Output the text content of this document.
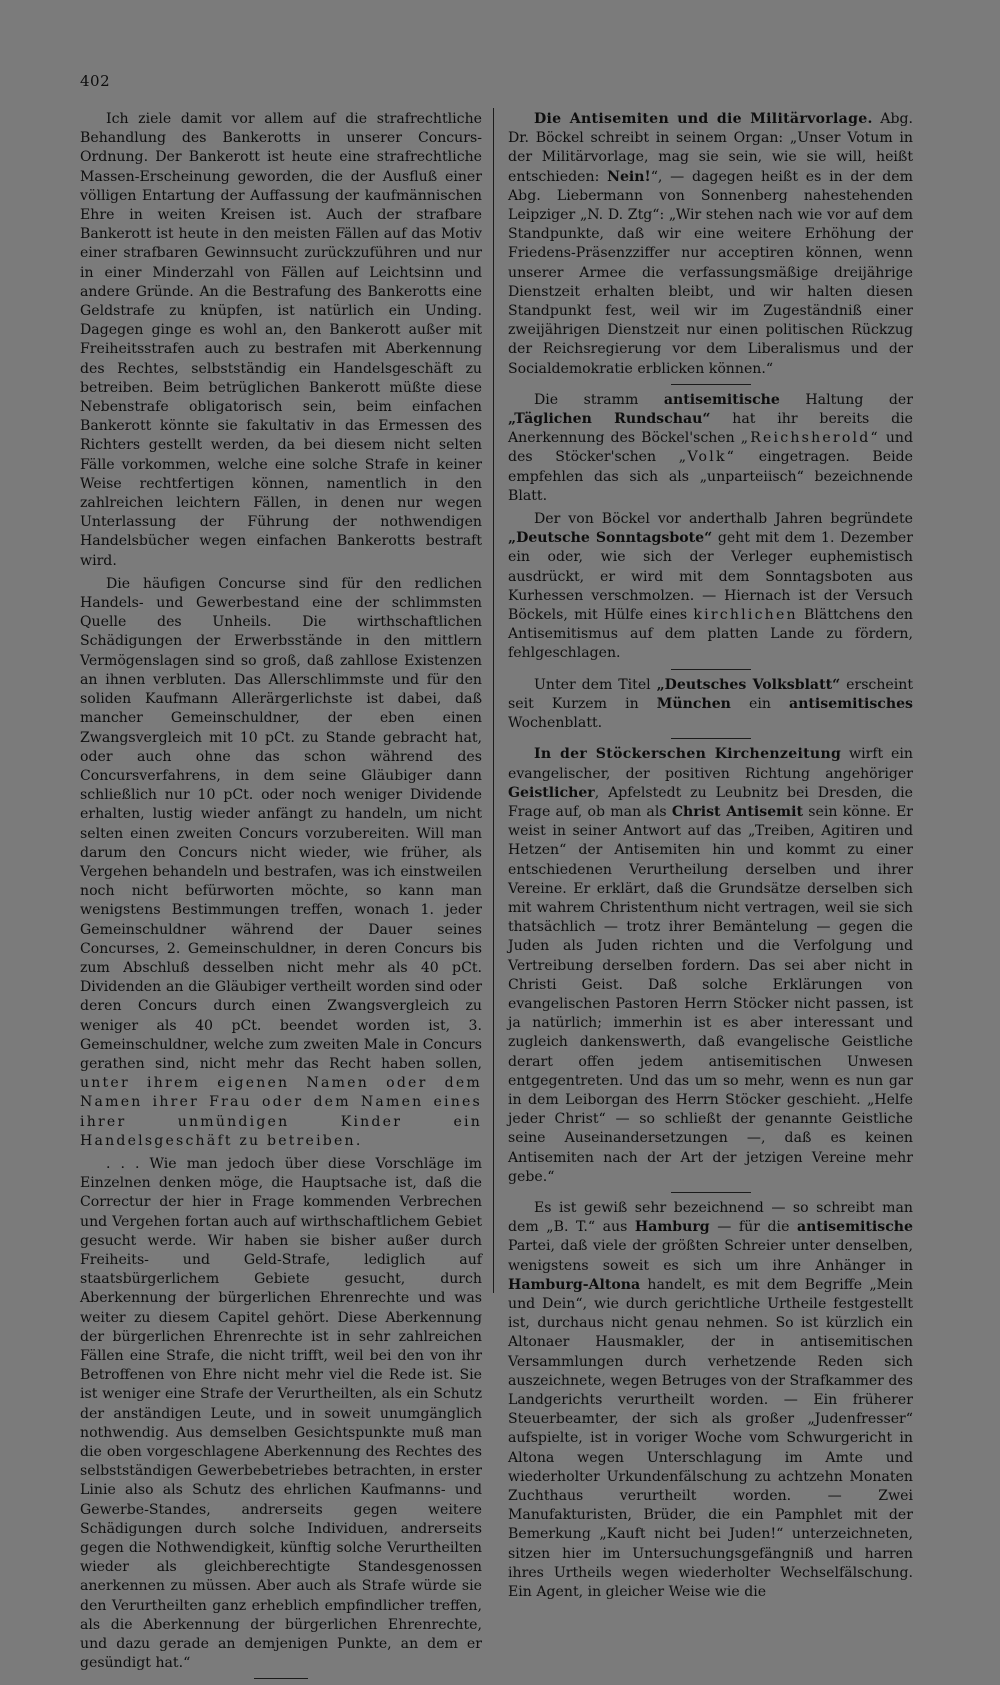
402

Ich ziele damit vor allem auf die strafrechtliche Behandlung des Bankerotts in unserer Concurs-Ordnung. Der Bankerott ist heute eine strafrechtliche Massen-Erscheinung geworden, die der Ausfluß einer völligen Entartung der Auffassung der kaufmännischen Ehre in weiten Kreisen ist. Auch der strafbare Bankerott ist heute in den meisten Fällen auf das Motiv einer strafbaren Gewinnsucht zurückzuführen und nur in einer Minderzahl von Fällen auf Leichtsinn und andere Gründe. An die Bestrafung des Bankerotts eine Geldstrafe zu knüpfen, ist natürlich ein Unding. Dagegen ginge es wohl an, den Bankerott außer mit Freiheitsstrafen auch zu bestrafen mit Aberkennung des Rechtes, selbstständig ein Handelsgeschäft zu betreiben. Beim betrüglichen Bankerott müßte diese Nebenstrafe obligatorisch sein, beim einfachen Bankerott könnte sie fakultativ in das Ermessen des Richters gestellt werden, da bei diesem nicht selten Fälle vorkommen, welche eine solche Strafe in keiner Weise rechtfertigen können, namentlich in den zahlreichen leichtern Fällen, in denen nur wegen Unterlassung der Führung der nothwendigen Handelsbücher wegen einfachen Bankerotts bestraft wird.

Die häufigen Concurse sind für den redlichen Handels- und Gewerbestand eine der schlimmsten Quelle des Unheils. Die wirthschaftlichen Schädigungen der Erwerbsstände in den mittlern Vermögenslagen sind so groß, daß zahllose Existenzen an ihnen verbluten. Das Allerschlimmste und für den soliden Kaufmann Allerärgerlichste ist dabei, daß mancher Gemeinschuldner, der eben einen Zwangsvergleich mit 10 pCt. zu Stande gebracht hat, oder auch ohne das schon während des Concursverfahrens, in dem seine Gläubiger dann schließlich nur 10 pCt. oder noch weniger Dividende erhalten, lustig wieder anfängt zu handeln, um nicht selten einen zweiten Concurs vorzubereiten. Will man darum den Concurs nicht wieder, wie früher, als Vergehen behandeln und bestrafen, was ich einstweilen noch nicht befürworten möchte, so kann man wenigstens Bestimmungen treffen, wonach 1. jeder Gemeinschuldner während der Dauer seines Concurses, 2. Gemeinschuldner, in deren Concurs bis zum Abschluß desselben nicht mehr als 40 pCt. Dividenden an die Gläubiger vertheilt worden sind oder deren Concurs durch einen Zwangsvergleich zu weniger als 40 pCt. beendet worden ist, 3. Gemeinschuldner, welche zum zweiten Male in Concurs gerathen sind, nicht mehr das Recht haben sollen, unter ihrem eigenen Namen oder dem Namen ihrer Frau oder dem Namen eines ihrer unmündigen Kinder ein Handelsgeschäft zu betreiben.

. . . Wie man jedoch über diese Vorschläge im Einzelnen denken möge, die Hauptsache ist, daß die Correctur der hier in Frage kommenden Verbrechen und Vergehen fortan auch auf wirthschaftlichem Gebiet gesucht werde. Wir haben sie bisher außer durch Freiheits- und Geld-Strafe, lediglich auf staatsbürgerlichem Gebiete gesucht, durch Aberkennung der bürgerlichen Ehrenrechte und was weiter zu diesem Capitel gehört. Diese Aberkennung der bürgerlichen Ehrenrechte ist in sehr zahlreichen Fällen eine Strafe, die nicht trifft, weil bei den von ihr Betroffenen von Ehre nicht mehr viel die Rede ist. Sie ist weniger eine Strafe der Verurtheilten, als ein Schutz der anständigen Leute, und in soweit unumgänglich nothwendig. Aus demselben Gesichtspunkte muß man die oben vorgeschlagene Aberkennung des Rechtes des selbstständigen Gewerbebetriebes betrachten, in erster Linie also als Schutz des ehrlichen Kaufmanns- und Gewerbe-Standes, andrerseits gegen weitere Schädigungen durch solche Individuen, andrerseits gegen die Nothwendigkeit, künftig solche Verurtheilten wieder als gleichberechtigte Standesgenossen anerkennen zu müssen. Aber auch als Strafe würde sie den Verurtheilten ganz erheblich empfindlicher treffen, als die Aberkennung der bürgerlichen Ehrenrechte, und dazu gerade an demjenigen Punkte, an dem er gesündigt hat.“

Die Antisemiten und die Militärvorlage. Abg. Dr. Böckel schreibt in seinem Organ: „Unser Votum in der Militärvorlage, mag sie sein, wie sie will, heißt entschieden: Nein!“, — dagegen heißt es in der dem Abg. Liebermann von Sonnenberg nahestehenden Leipziger „N. D. Ztg“: „Wir stehen nach wie vor auf dem Standpunkte, daß wir eine weitere Erhöhung der Friedens-Präsenzziffer nur acceptiren können, wenn unserer Armee die verfassungsmäßige dreijährige Dienstzeit erhalten bleibt, und wir halten diesen Standpunkt fest, weil wir im Zugeständniß einer zweijährigen Dienstzeit nur einen politischen Rückzug der Reichsregierung vor dem Liberalismus und der Socialdemokratie erblicken können.“

Die stramm antisemitische Haltung der „Täglichen Rundschau“ hat ihr bereits die Anerkennung des Böckel'schen „Reichsherold“ und des Stöcker'schen „Volk“ eingetragen. Beide empfehlen das sich als „unparteiisch“ bezeichnende Blatt.

Der von Böckel vor anderthalb Jahren begründete „Deutsche Sonntagsbote“ geht mit dem 1. Dezember ein oder, wie sich der Verleger euphemistisch ausdrückt, er wird mit dem Sonntagsboten aus Kurhessen verschmolzen. — Hiernach ist der Versuch Böckels, mit Hülfe eines kirchlichen Blättchens den Antisemitismus auf dem platten Lande zu fördern, fehlgeschlagen.

Unter dem Titel „Deutsches Volksblatt“ erscheint seit Kurzem in München ein antisemitisches Wochenblatt.

In der Stöckerschen Kirchenzeitung wirft ein evangelischer, der positiven Richtung angehöriger Geistlicher, Apfelstedt zu Leubnitz bei Dresden, die Frage auf, ob man als Christ Antisemit sein könne. Er weist in seiner Antwort auf das „Treiben, Agitiren und Hetzen“ der Antisemiten hin und kommt zu einer entschiedenen Verurtheilung derselben und ihrer Vereine. Er erklärt, daß die Grundsätze derselben sich mit wahrem Christenthum nicht vertragen, weil sie sich thatsächlich — trotz ihrer Bemäntelung — gegen die Juden als Juden richten und die Verfolgung und Vertreibung derselben fordern. Das sei aber nicht in Christi Geist. Daß solche Erklärungen von evangelischen Pastoren Herrn Stöcker nicht passen, ist ja natürlich; immerhin ist es aber interessant und zugleich dankenswerth, daß evangelische Geistliche derart offen jedem antisemitischen Unwesen entgegentreten. Und das um so mehr, wenn es nun gar in dem Leiborgan des Herrn Stöcker geschieht. „Helfe jeder Christ“ — so schließt der genannte Geistliche seine Auseinandersetzungen —, daß es keinen Antisemiten nach der Art der jetzigen Vereine mehr gebe.“

Es ist gewiß sehr bezeichnend — so schreibt man dem „B. T.“ aus Hamburg — für die antisemitische Partei, daß viele der größten Schreier unter denselben, wenigstens soweit es sich um ihre Anhänger in Hamburg-Altona handelt, es mit dem Begriffe „Mein und Dein“, wie durch gerichtliche Urtheile festgestellt ist, durchaus nicht genau nehmen. So ist kürzlich ein Altonaer Hausmakler, der in antisemitischen Versammlungen durch verhetzende Reden sich auszeichnete, wegen Betruges von der Strafkammer des Landgerichts verurtheilt worden. — Ein früherer Steuerbeamter, der sich als großer „Judenfresser“ aufspielte, ist in voriger Woche vom Schwurgericht in Altona wegen Unterschlagung im Amte und wiederholter Urkundenfälschung zu achtzehn Monaten Zuchthaus verurtheilt worden. — Zwei Manufakturisten, Brüder, die ein Pamphlet mit der Bemerkung „Kauft nicht bei Juden!“ unterzeichneten, sitzen hier im Untersuchungsgefängniß und harren ihres Urtheils wegen wiederholter Wechselfälschung. Ein Agent, in gleicher Weise wie die
